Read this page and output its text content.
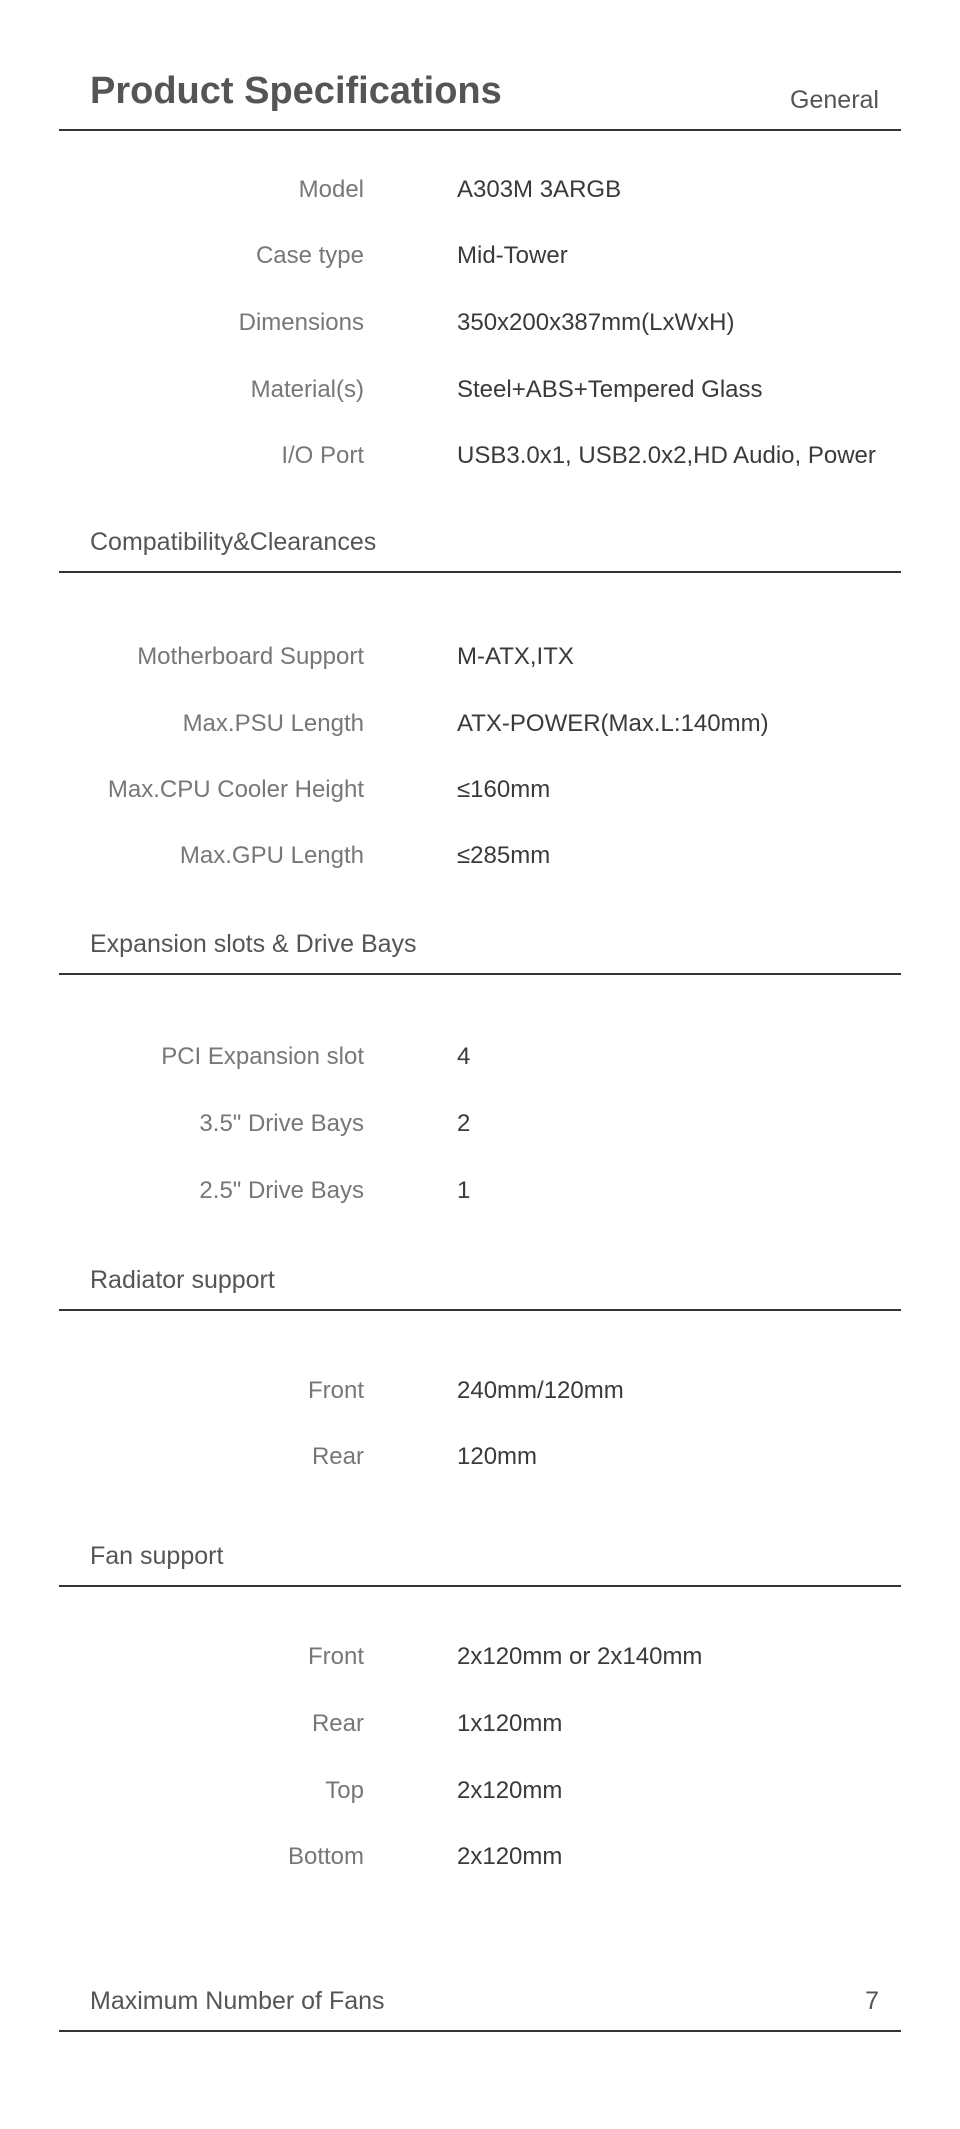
Product Specifications	General
Model	A303M 3ARGB
Case type	Mid-Tower
Dimensions	350x200x387mm(LxWxH)
Material(s)	Steel+ABS+Tempered Glass
I/O Port	USB3.0x1, USB2.0x2,HD Audio, Power
Compatibility&Clearances
Motherboard Support	M-ATX,ITX
Max.PSU Length	ATX-POWER(Max.L:140mm)
Max.CPU Cooler Height	≤160mm
Max.GPU Length	≤285mm
Expansion slots & Drive Bays
PCI Expansion slot	4
3.5" Drive Bays	2
2.5" Drive Bays	1
Radiator support
Front	240mm/120mm
Rear	120mm
Fan support
Front	2x120mm or 2x140mm
Rear	1x120mm
Top	2x120mm
Bottom	2x120mm
Maximum Number of Fans	7
